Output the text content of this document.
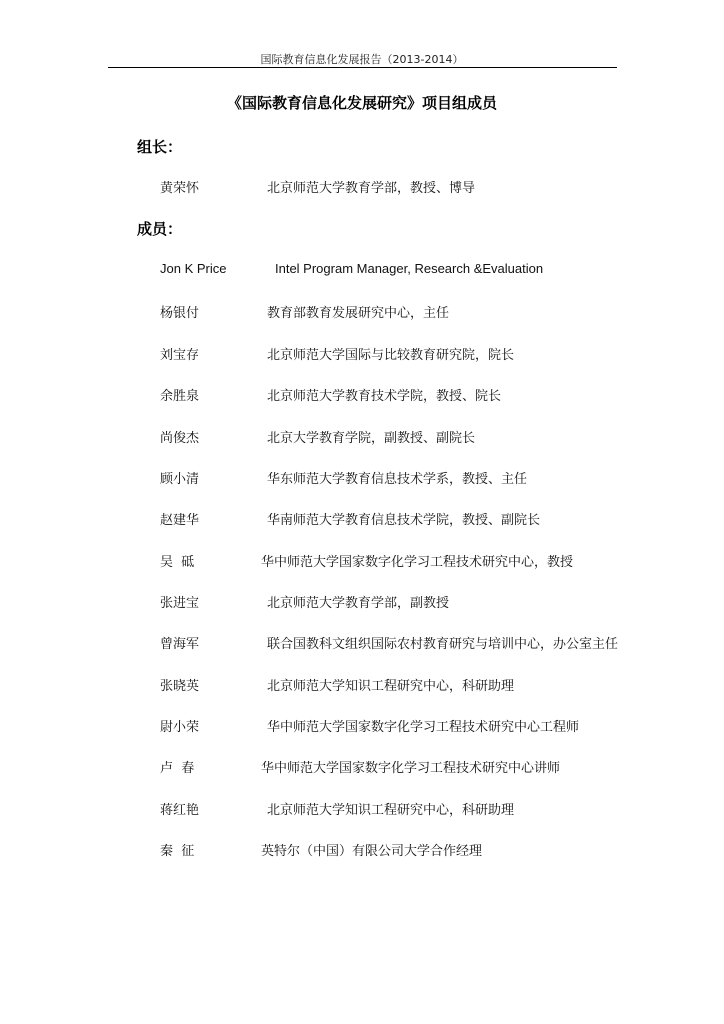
国际教育信息化发展报告（2013-2014）
《国际教育信息化发展研究》项目组成员
组长：
黄荣怀	北京师范大学教育学部，教授、博导
成员：
Jon K Price	Intel Program Manager, Research &Evaluation
杨银付	教育部教育发展研究中心，主任
刘宝存	北京师范大学国际与比较教育研究院，院长
余胜泉	北京师范大学教育技术学院，教授、院长
尚俊杰	北京大学教育学院，副教授、副院长
顾小清	华东师范大学教育信息技术学系，教授、主任
赵建华	华南师范大学教育信息技术学院，教授、副院长
吴  砥	华中师范大学国家数字化学习工程技术研究中心，教授
张进宝	北京师范大学教育学部，副教授
曾海军	联合国教科文组织国际农村教育研究与培训中心，办公室主任
张晓英	北京师范大学知识工程研究中心，科研助理
尉小荣	华中师范大学国家数字化学习工程技术研究中心工程师
卢  春	华中师范大学国家数字化学习工程技术研究中心讲师
蒋红艳	北京师范大学知识工程研究中心，科研助理
秦  征	英特尔（中国）有限公司大学合作经理
